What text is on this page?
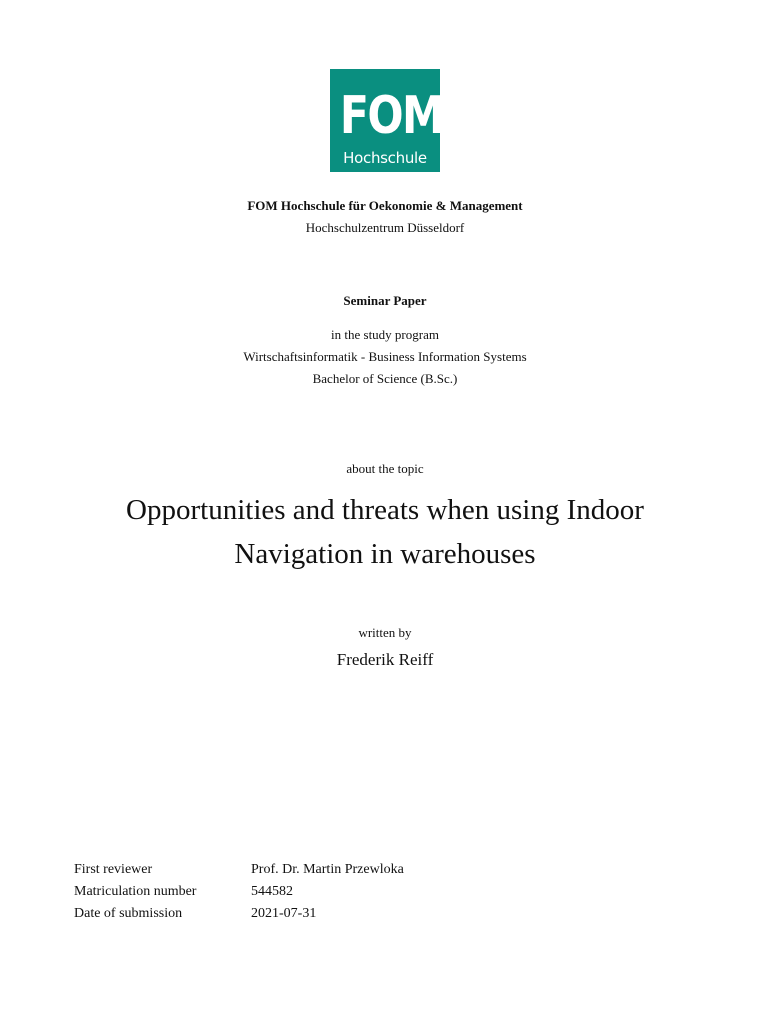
FOM
Hochschule
FOM Hochschule für Oekonomie & Management
Hochschulzentrum Düsseldorf
Seminar Paper
in the study program
Wirtschaftsinformatik - Business Information Systems
Bachelor of Science (B.Sc.)
about the topic
Opportunities and threats when using Indoor
Navigation in warehouses
written by
Frederik Reiff
First reviewer	Prof. Dr. Martin Przewloka
Matriculation number	544582
Date of submission	2021-07-31
